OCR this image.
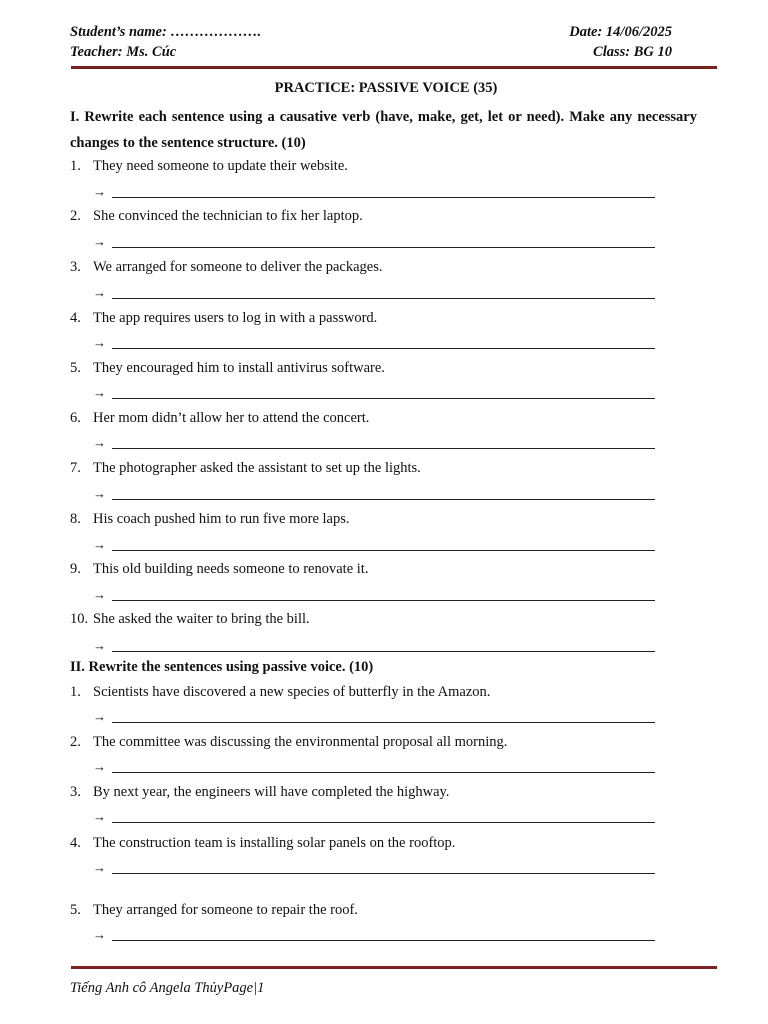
Student’s name: ……………….	Date: 14/06/2025
Teacher: Ms. Cúc	Class: BG 10
PRACTICE: PASSIVE VOICE (35)
I. Rewrite each sentence using a causative verb (have, make, get, let or need). Make any necessary changes to the sentence structure. (10)
1. They need someone to update their website.
→
2. She convinced the technician to fix her laptop.
→
3. We arranged for someone to deliver the packages.
→
4. The app requires users to log in with a password.
→
5. They encouraged him to install antivirus software.
→
6. Her mom didn’t allow her to attend the concert.
→
7. The photographer asked the assistant to set up the lights.
→
8. His coach pushed him to run five more laps.
→
9. This old building needs someone to renovate it.
→
10. She asked the waiter to bring the bill.
→
II. Rewrite the sentences using passive voice. (10)
1. Scientists have discovered a new species of butterfly in the Amazon.
→
2. The committee was discussing the environmental proposal all morning.
→
3. By next year, the engineers will have completed the highway.
→
4. The construction team is installing solar panels on the rooftop.
→
5. They arranged for someone to repair the roof.
→
Tiếng Anh cô Angela ThủyPage|1
